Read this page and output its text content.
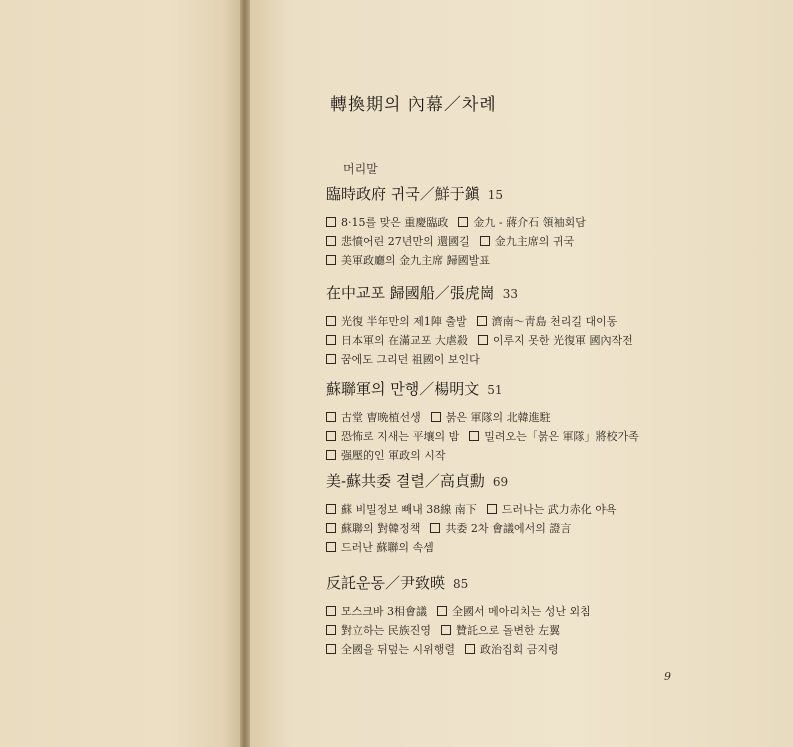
轉換期의 內幕／차례
머리말
臨時政府 귀국／鮮于鎭 15
8·15를 맞은 重慶臨政 金九 - 蔣介石 領袖회담
悲憤어린 27년만의 還國길 金九主席의 귀국
美軍政廳의 金九主席 歸國발표
在中교포 歸國船／張虎崗 33
光復 半年만의 제1陣 출발 濟南～靑島 천리길 대이동
日本軍의 在滿교포 大虐殺 이루지 못한 光復軍 國內작전
꿈에도 그리던 祖國이 보인다
蘇聯軍의 만행／楊明文 51
古堂 曺晩植선생 붉은 軍隊의 北韓進駐
恐怖로 지새는 平壤의 밤 밀려오는「붉은 軍隊」將校가족
强壓的인 軍政의 시작
美-蘇共委 결렬／高貞勳 69
蘇 비밀정보 빼내 38線 南下 드러나는 武力赤化 야욕
蘇聯의 對韓정책 共委 2차 會議에서의 證言
드러난 蘇聯의 속셈
反託운동／尹致暎 85
모스크바 3相會議 全國서 메아리치는 성난 외침
對立하는 民族진영 贊託으로 돌변한 左翼
全國을 뒤덮는 시위행렬 政治집회 금지령
9
